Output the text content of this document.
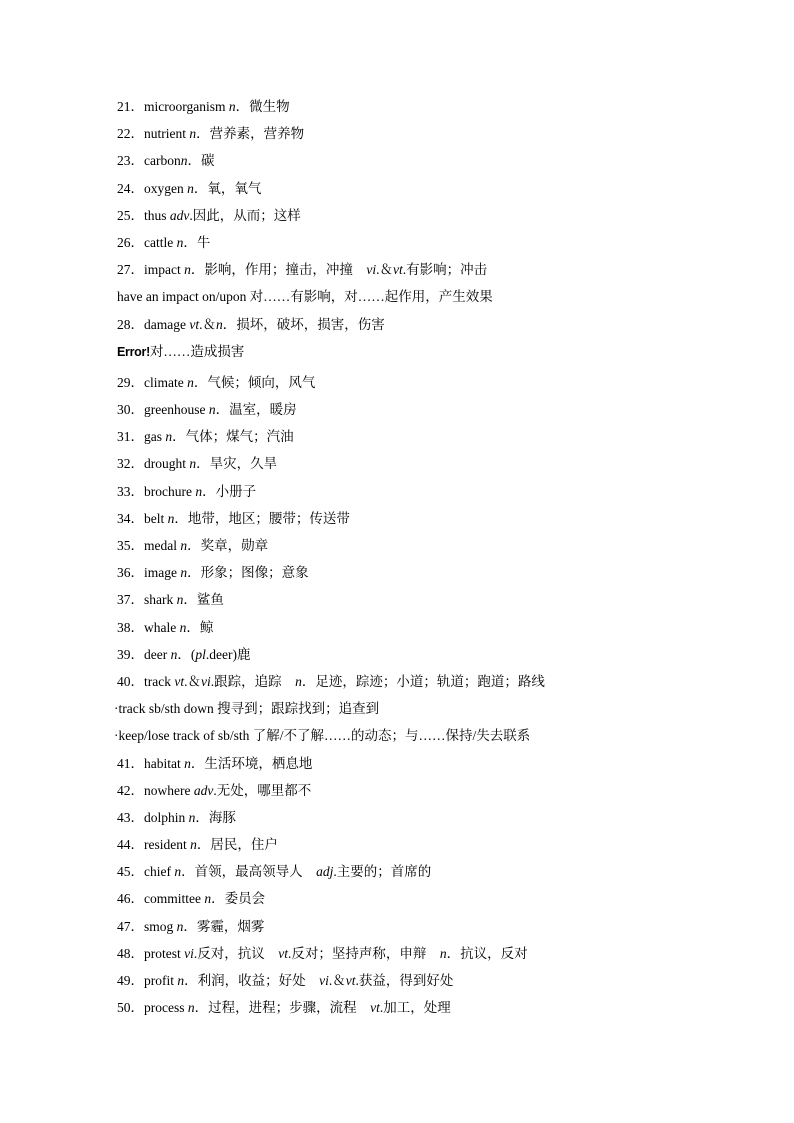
21．microorganism n．微生物
22．nutrient n．营养素，营养物
23．carbonn．碳
24．oxygen n．氧，氧气
25．thus adv.因此，从而；这样
26．cattle n．牛
27．impact n．影响，作用；撞击，冲撞　vi.＆vt.有影响；冲击
have an impact on/upon 对……有影响，对……起作用，产生效果
28．damage vt.＆n．损坏，破坏，损害，伤害
Error!对……造成损害
29．climate n．气候；倾向，风气
30．greenhouse n．温室，暖房
31．gas n．气体；煤气；汽油
32．drought n．旱灾，久旱
33．brochure n．小册子
34．belt n．地带，地区；腰带；传送带
35．medal n．奖章，勋章
36．image n．形象；图像；意象
37．shark n．鲨鱼
38．whale n．鲸
39．deer n．(pl.deer)鹿
40．track vt.＆vi.跟踪，追踪　n．足迹，踪迹；小道；轨道；跑道；路线
· track sb/sth down 搜寻到；跟踪找到；追查到
· keep/lose track of sb/sth 了解/不了解……的动态；与……保持/失去联系
41．habitat n．生活环境，栖息地
42．nowhere adv.无处，哪里都不
43．dolphin n．海豚
44．resident n．居民，住户
45．chief n．首领，最高领导人　adj.主要的；首席的
46．committee n．委员会
47．smog n．雾霾，烟雾
48．protest vi.反对，抗议　vt.反对；坚持声称，申辩　n．抗议，反对
49．profit n．利润，收益；好处　vi.＆vt.获益，得到好处
50．process n．过程，进程；步骤，流程　vt.加工，处理
